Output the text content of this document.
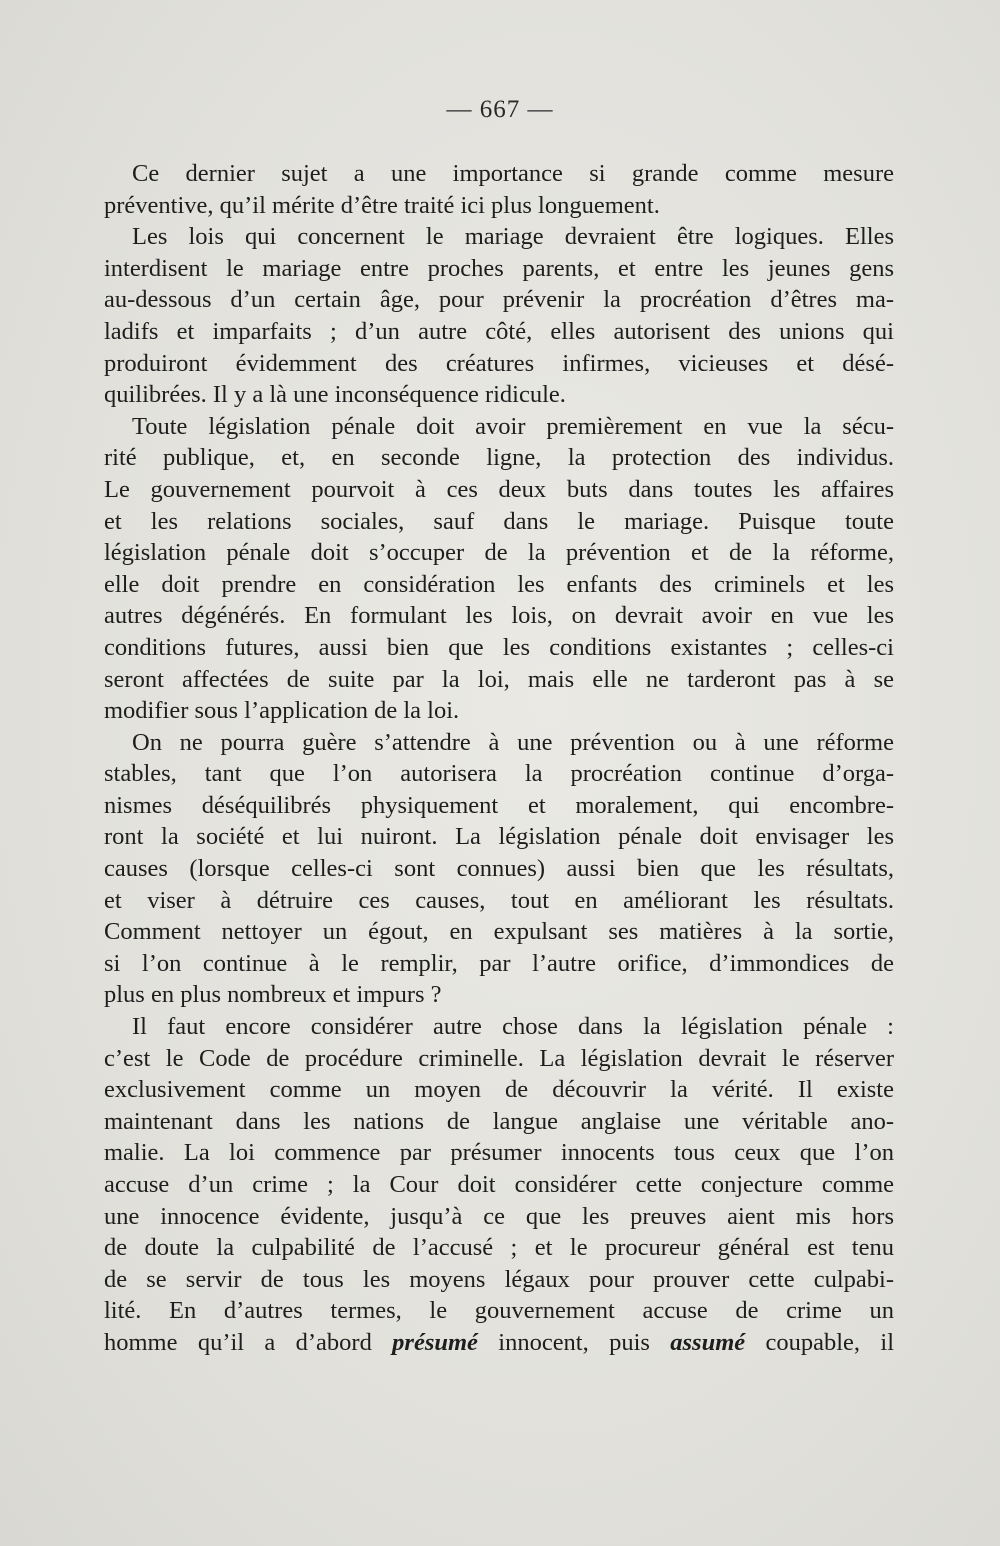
— 667 —

Ce dernier sujet a une importance si grande comme mesure
préventive, qu’il mérite d’être traité ici plus longuement.

Les lois qui concernent le mariage devraient être logiques. Elles
interdisent le mariage entre proches parents, et entre les jeunes gens
au-dessous d’un certain âge, pour prévenir la procréation d’êtres ma-
ladifs et imparfaits ; d’un autre côté, elles autorisent des unions qui
produiront évidemment des créatures infirmes, vicieuses et désé-
quilibrées. Il y a là une inconséquence ridicule.

Toute législation pénale doit avoir premièrement en vue la sécu-
rité publique, et, en seconde ligne, la protection des individus.
Le gouvernement pourvoit à ces deux buts dans toutes les affaires
et les relations sociales, sauf dans le mariage. Puisque toute
législation pénale doit s’occuper de la prévention et de la réforme,
elle doit prendre en considération les enfants des criminels et les
autres dégénérés. En formulant les lois, on devrait avoir en vue les
conditions futures, aussi bien que les conditions existantes ; celles-ci
seront affectées de suite par la loi, mais elle ne tarderont pas à se
modifier sous l’application de la loi.

On ne pourra guère s’attendre à une prévention ou à une réforme
stables, tant que l’on autorisera la procréation continue d’orga-
nismes déséquilibrés physiquement et moralement, qui encombre-
ront la société et lui nuiront. La législation pénale doit envisager les
causes (lorsque celles-ci sont connues) aussi bien que les résultats,
et viser à détruire ces causes, tout en améliorant les résultats.
Comment nettoyer un égout, en expulsant ses matières à la sortie,
si l’on continue à le remplir, par l’autre orifice, d’immondices de
plus en plus nombreux et impurs ?

Il faut encore considérer autre chose dans la législation pénale :
c’est le Code de procédure criminelle. La législation devrait le réserver
exclusivement comme un moyen de découvrir la vérité. Il existe
maintenant dans les nations de langue anglaise une véritable ano-
malie. La loi commence par présumer innocents tous ceux que l’on
accuse d’un crime ; la Cour doit considérer cette conjecture comme
une innocence évidente, jusqu’à ce que les preuves aient mis hors
de doute la culpabilité de l’accusé ; et le procureur général est tenu
de se servir de tous les moyens légaux pour prouver cette culpabi-
lité. En d’autres termes, le gouvernement accuse de crime un
homme qu’il a d’abord présumé innocent, puis assumé coupable, il
